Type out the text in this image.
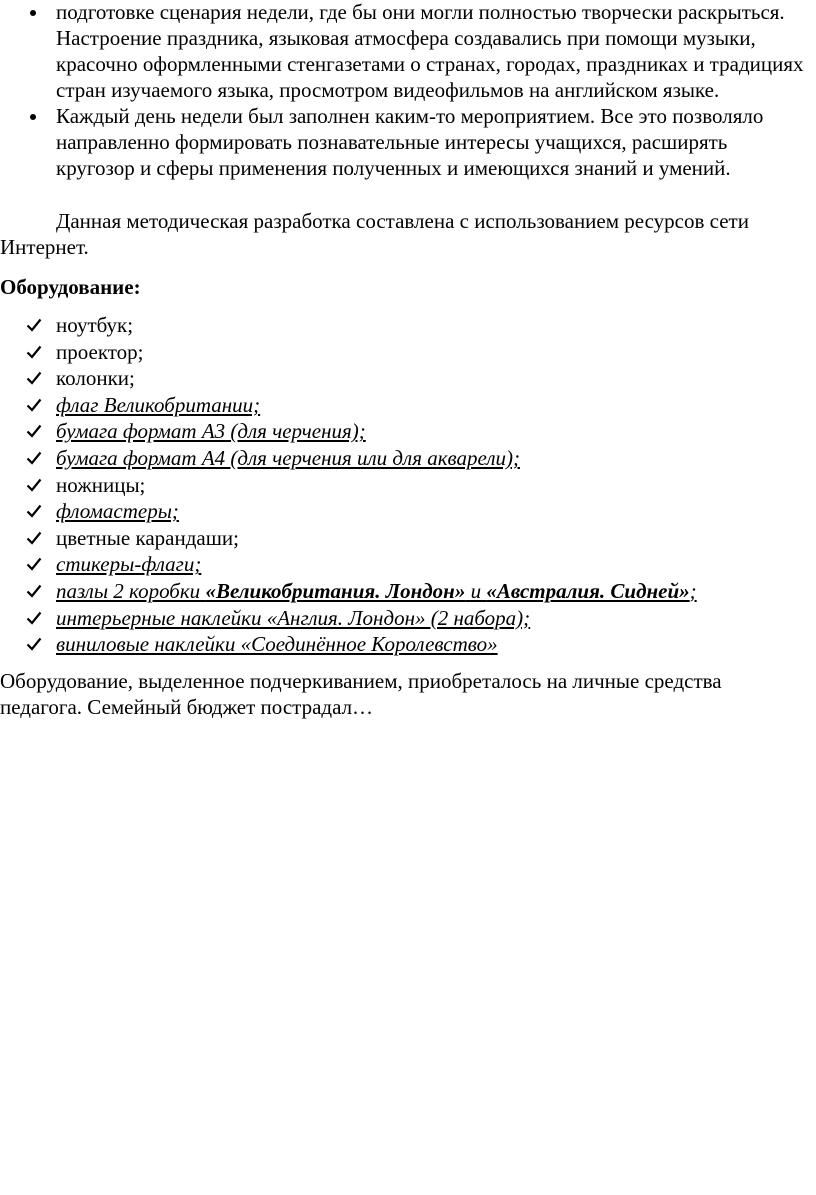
подготовке сценария недели, где бы они могли полностью творчески раскрыться.
Настроение праздника, языковая атмосфера создавались при помощи музыки,
красочно оформленными стенгазетами о странах, городах, праздниках и традициях
стран изучаемого языка, просмотром видеофильмов на английском языке.
Каждый день недели был заполнен каким-то мероприятием. Все это позволяло
направленно формировать познавательные интересы учащихся, расширять
кругозор и сферы применения полученных и имеющихся знаний и умений.

Данная методическая разработка составлена с использованием ресурсов сети
Интернет.

Оборудование:

ноутбук;
проектор;
колонки;
флаг Великобритании;
бумага формат А3 (для черчения);
бумага формат А4 (для черчения или для акварели);
ножницы;
фломастеры;
цветные карандаши;
стикеры-флаги;
пазлы 2 коробки «Великобритания. Лондон» и «Австралия. Сидней»;
интерьерные наклейки «Англия. Лондон» (2 набора);
виниловые наклейки «Соединённое Королевство»

Оборудование, выделенное подчеркиванием, приобреталось на личные средства
педагога. Семейный бюджет пострадал…
